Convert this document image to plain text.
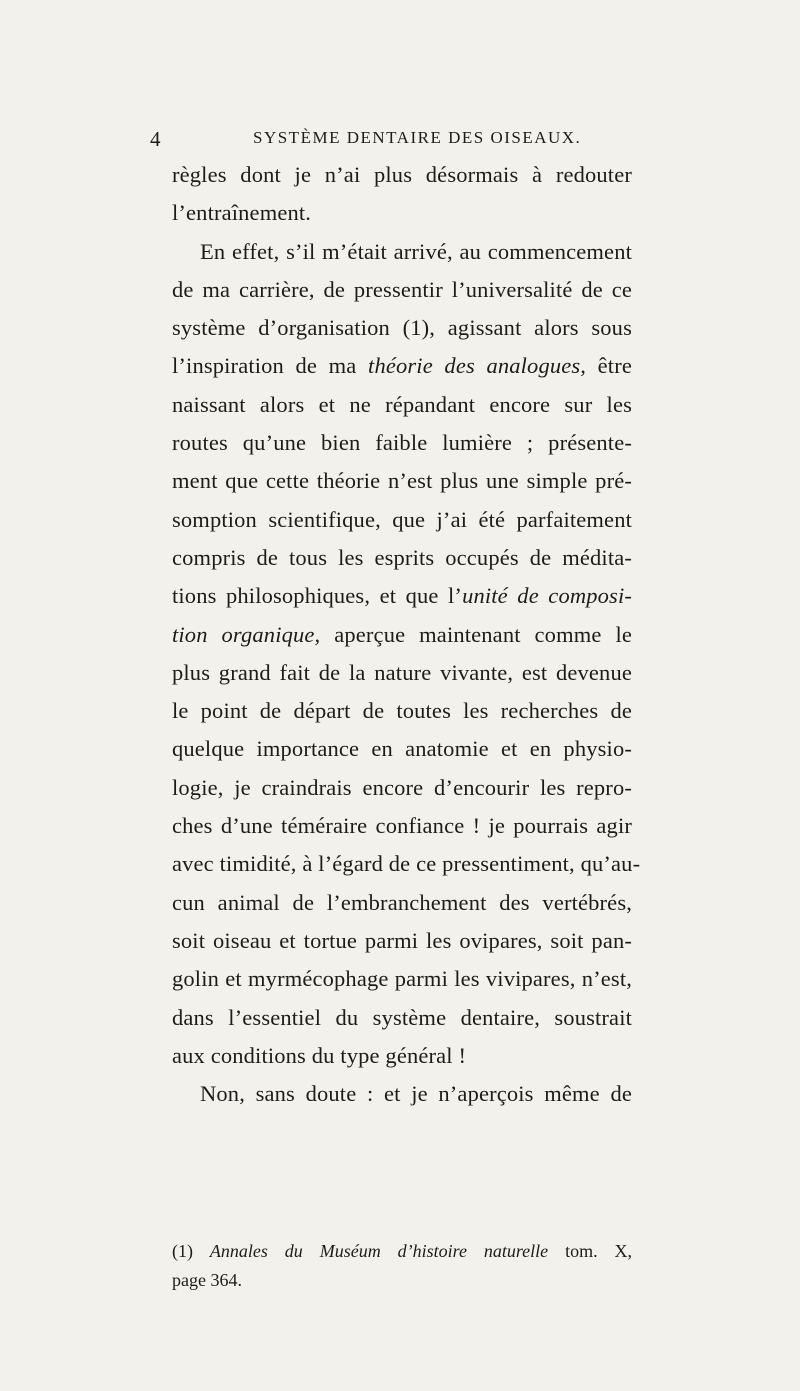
4	SYSTÈME DENTAIRE DES OISEAUX.
règles dont je n’ai plus désormais à redouter
l’entraînement.
En effet, s’il m’était arrivé, au commencement
de ma carrière, de pressentir l’universalité de ce
système d’organisation (1), agissant alors sous
l’inspiration de ma théorie des analogues, être
naissant alors et ne répandant encore sur les
routes qu’une bien faible lumière ; présente-
ment que cette théorie n’est plus une simple pré-
somption scientifique, que j’ai été parfaitement
compris de tous les esprits occupés de médita-
tions philosophiques, et que l’unité de composi-
tion organique, aperçue maintenant comme le
plus grand fait de la nature vivante, est devenue
le point de départ de toutes les recherches de
quelque importance en anatomie et en physio-
logie, je craindrais encore d’encourir les repro-
ches d’une téméraire confiance ! je pourrais agir
avec timidité, à l’égard de ce pressentiment, qu’au-
cun animal de l’embranchement des vertébrés,
soit oiseau et tortue parmi les ovipares, soit pan-
golin et myrmécophage parmi les vivipares, n’est,
dans l’essentiel du système dentaire, soustrait
aux conditions du type général !
Non, sans doute : et je n’aperçois même de
(1) Annales du Muséum d’histoire naturelle tom. X,
page 364.
